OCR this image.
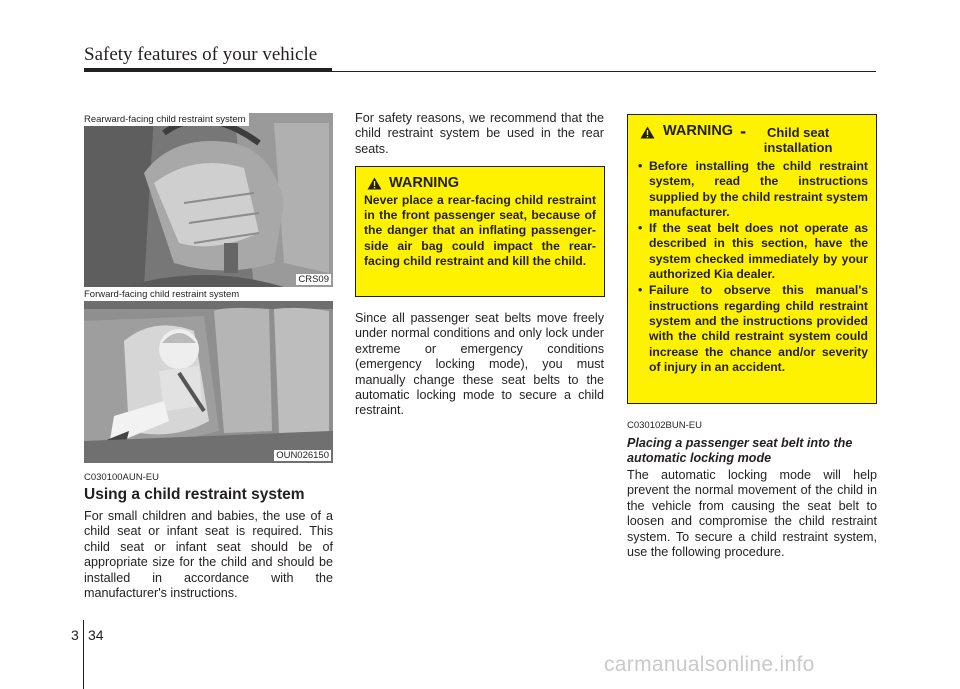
Safety features of your vehicle
Rearward-facing child restraint system
CRS09
Forward-facing child restraint system
OUN026150
C030100AUN-EU
Using a child restraint system
For small children and babies, the use of a child seat or infant seat is required. This child seat or infant seat should be of appropriate size for the child and should be installed in accordance with the manufacturer's instructions.
For safety reasons, we recommend that the child restraint system be used in the rear seats.
WARNING
Never place a rear-facing child restraint in the front passenger seat, because of the danger that an inflating passenger-side air bag could impact the rear-facing child restraint and kill the child.
Since all passenger seat belts move freely under normal conditions and only lock under extreme or emergency conditions (emergency locking mode), you must manually change these seat belts to the automatic locking mode to secure a child restraint.
WARNING -	Child seat installation
• Before installing the child restraint system, read the instructions supplied by the child restraint system manufacturer.
• If the seat belt does not operate as described in this section, have the system checked immediately by your authorized Kia dealer.
• Failure to observe this manual's instructions regarding child restraint system and the instructions provided with the child restraint system could increase the chance and/or severity of injury in an accident.
C030102BUN-EU
Placing a passenger seat belt into the automatic locking mode
The automatic locking mode will help prevent the normal movement of the child in the vehicle from causing the seat belt to loosen and compromise the child restraint system. To secure a child restraint system, use the following procedure.
3 34
carmanualsonline.info
